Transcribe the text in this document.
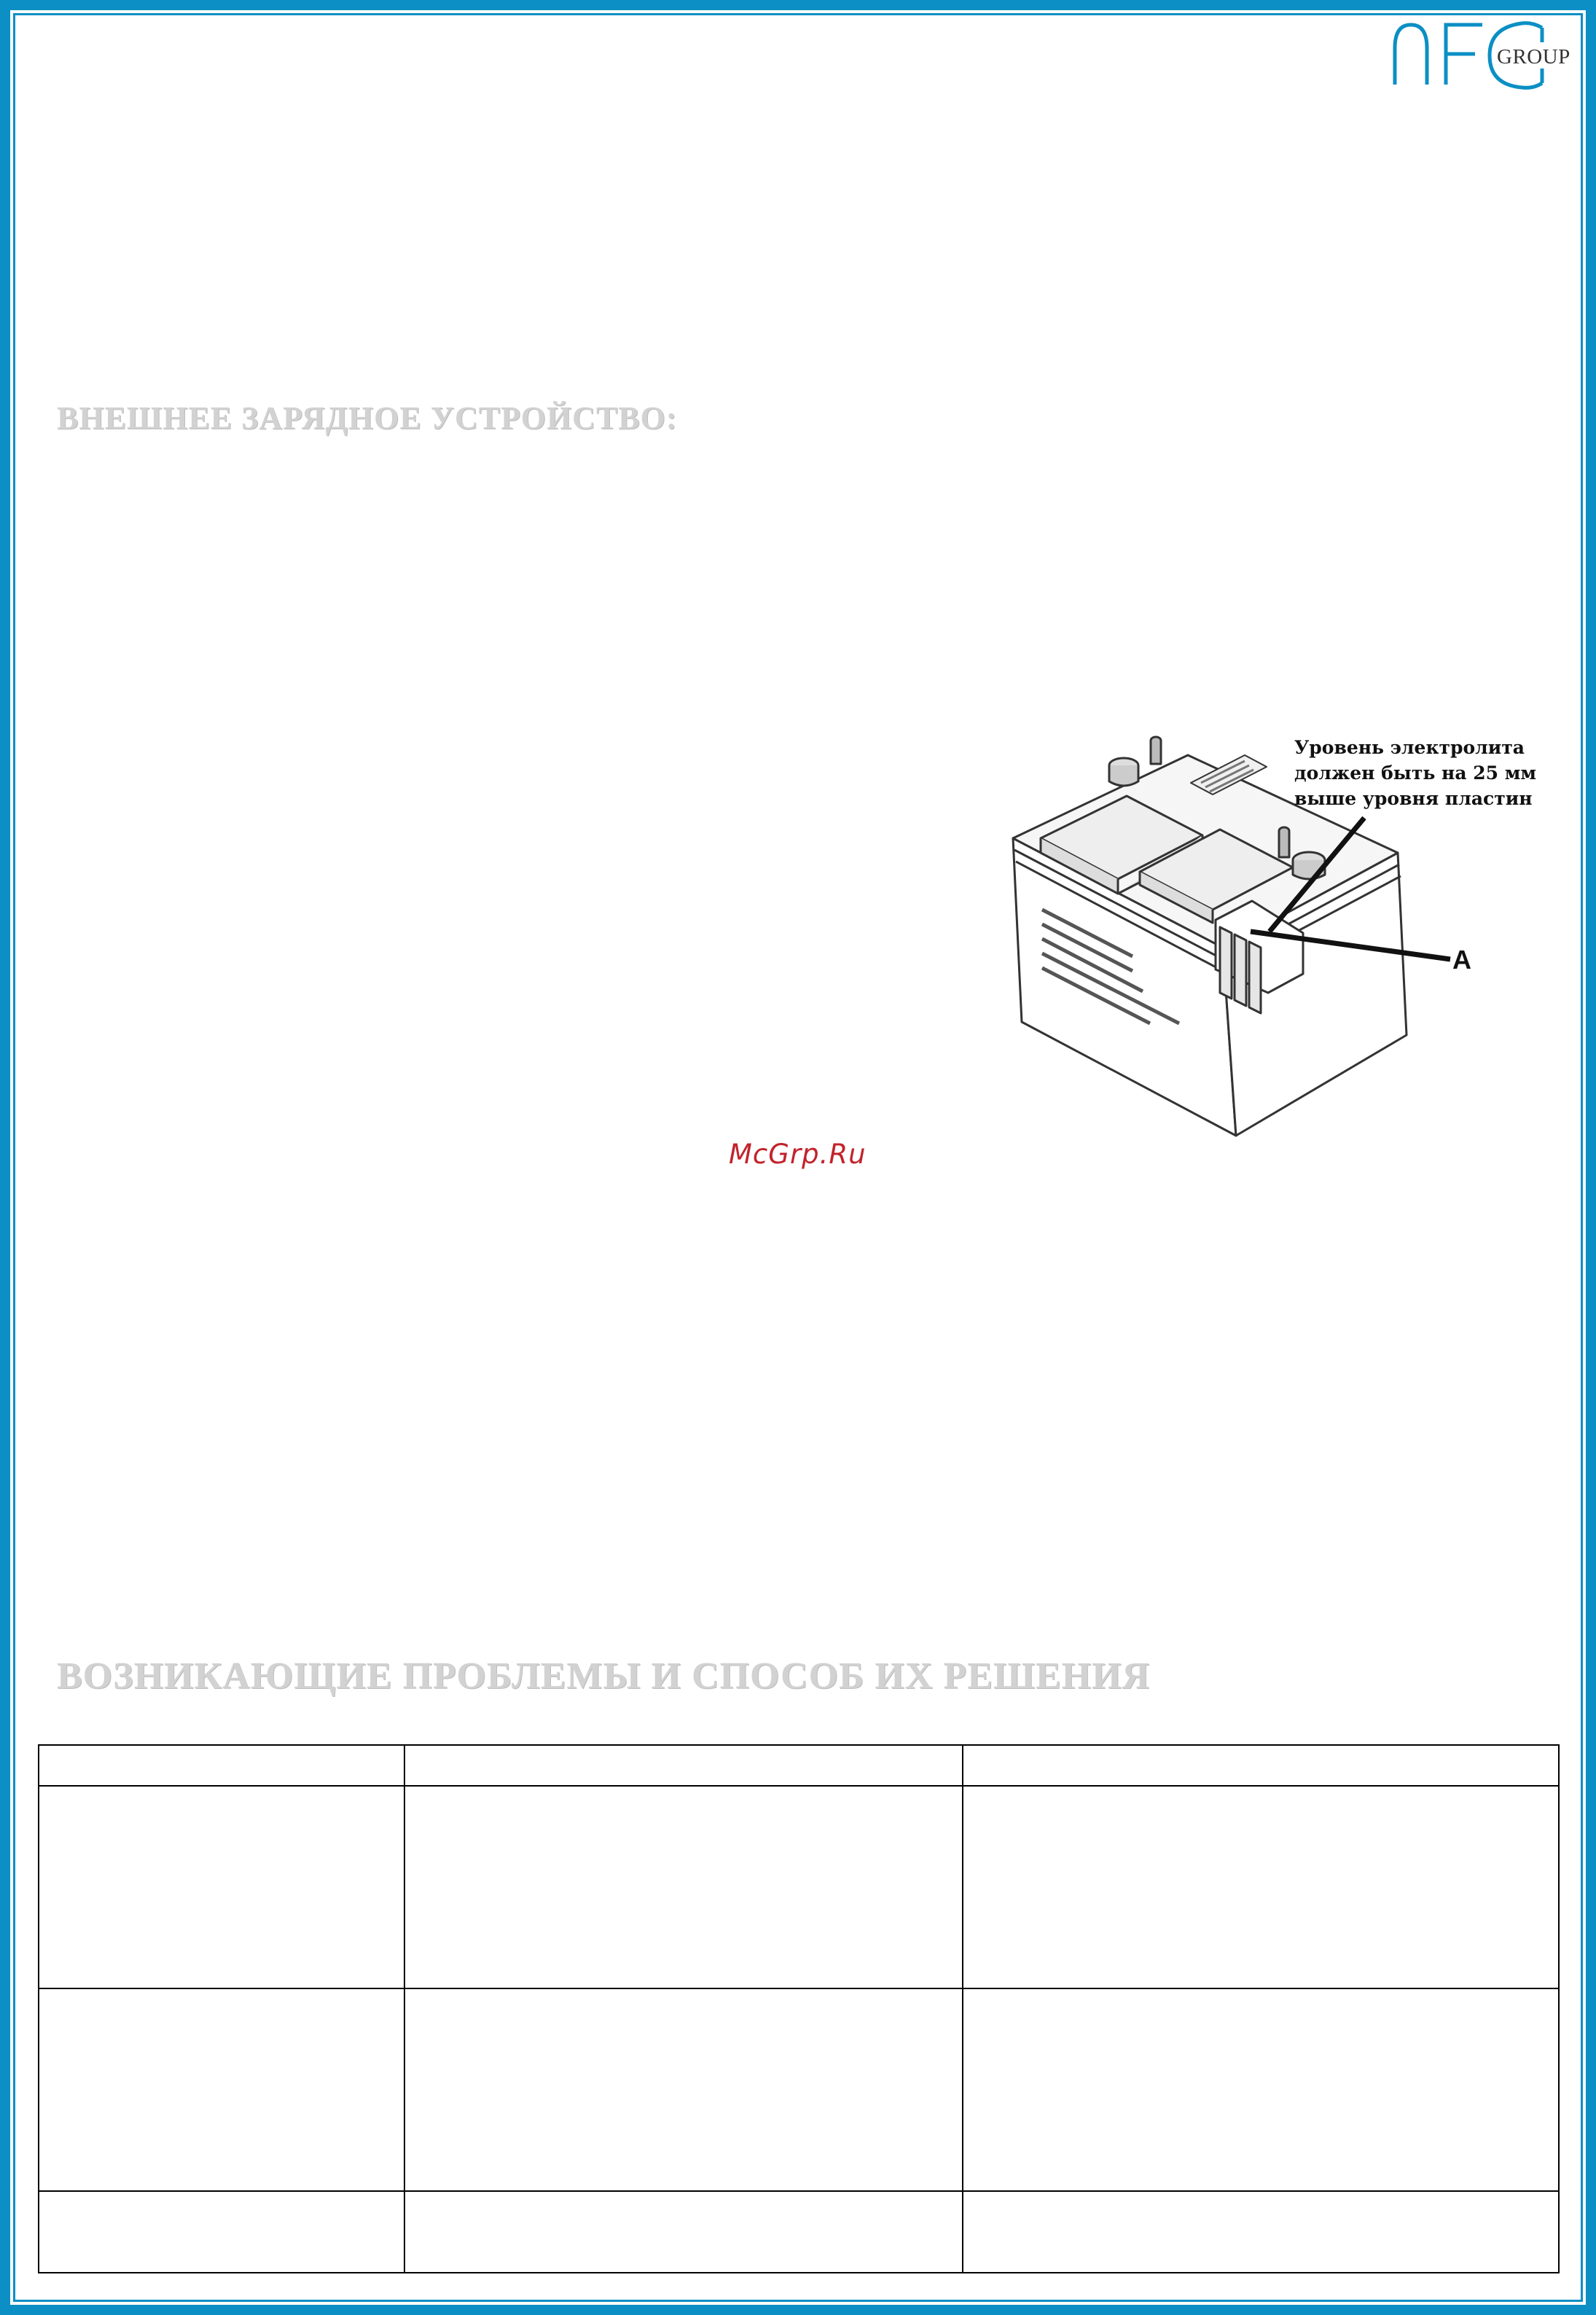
GROUP
ВНЕШНЕЕ ЗАРЯДНОЕ УСТРОЙСТВО:
Уровень электролита
должен быть на 25 мм
выше уровня пластин
A
McGrp.Ru
ВОЗНИКАЮЩИЕ ПРОБЛЕМЫ И СПОСОБ ИХ РЕШЕНИЯ
